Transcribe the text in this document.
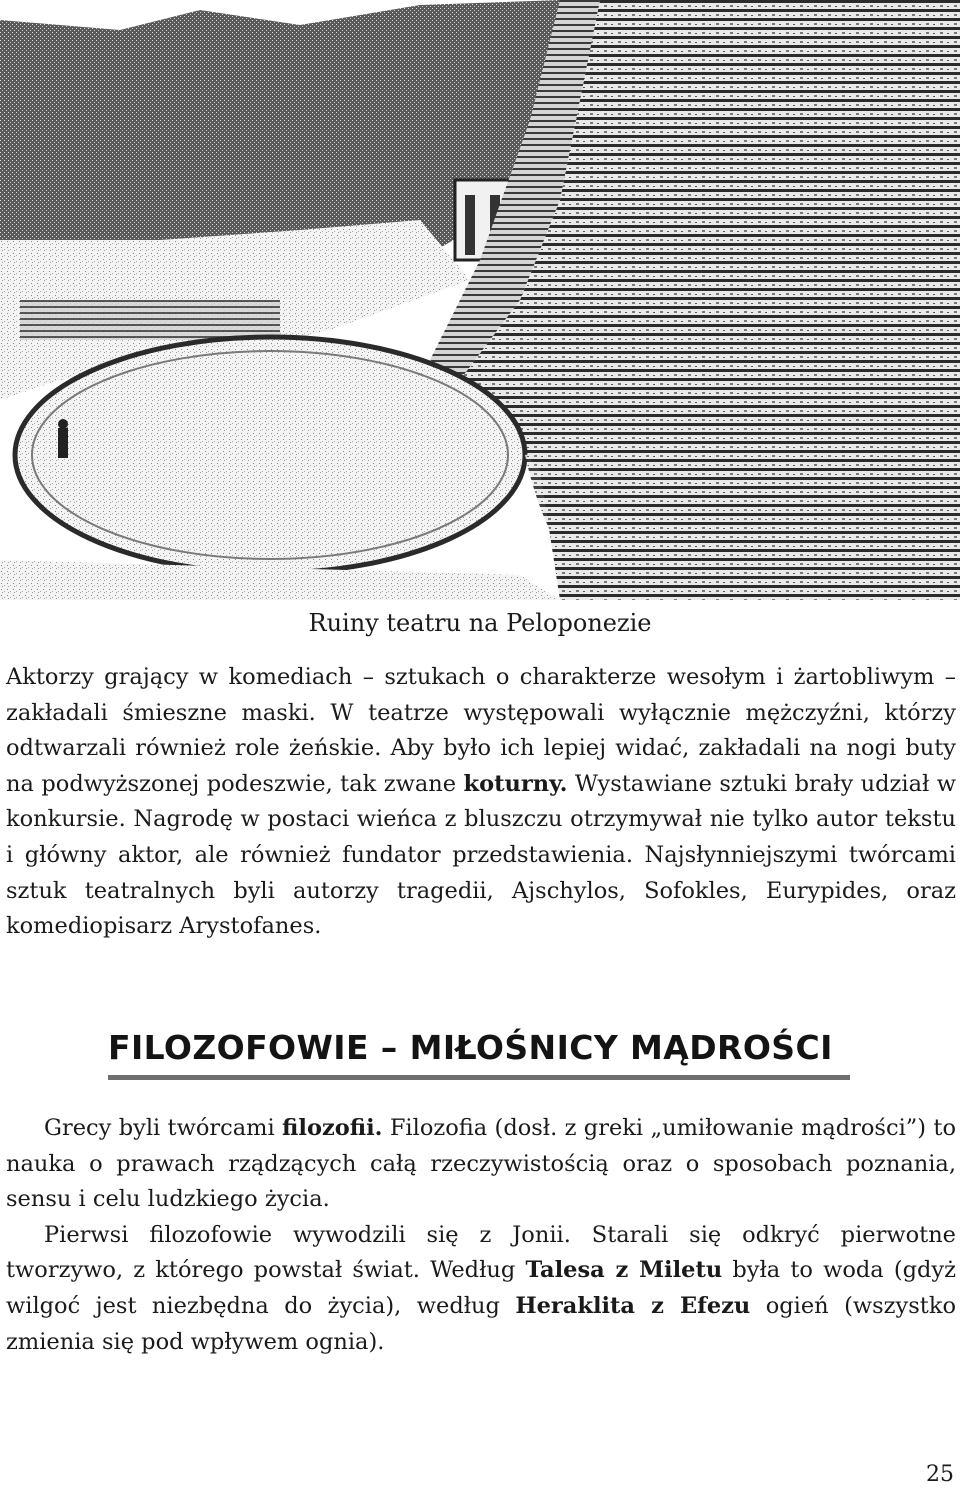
Ruiny teatru na Peloponezie

Aktorzy grający w komediach – sztukach o charakterze wesołym i żartobliwym – zakładali śmieszne maski. W teatrze występowali wyłącznie mężczyźni, którzy odtwarzali również role żeńskie. Aby było ich lepiej widać, zakładali na nogi buty na podwyższonej podeszwie, tak zwane koturny. Wystawiane sztuki brały udział w konkursie. Nagrodę w postaci wieńca z bluszczu otrzymywał nie tylko autor tekstu i główny aktor, ale również fundator przedstawienia. Najsłynniejszymi twórcami sztuk teatralnych byli autorzy tragedii, Ajschylos, Sofokles, Eurypides, oraz komediopisarz Arystofanes.

FILOZOFOWIE – MIŁOŚNICY MĄDROŚCI

Grecy byli twórcami filozofii. Filozofia (dosł. z greki „umiłowanie mądrości”) to nauka o prawach rządzących całą rzeczywistością oraz o sposobach poznania, sensu i celu ludzkiego życia.

Pierwsi filozofowie wywodzili się z Jonii. Starali się odkryć pierwotne tworzywo, z którego powstał świat. Według Talesa z Miletu była to woda (gdyż wilgoć jest niezbędna do życia), według Heraklita z Efezu ogień (wszystko zmienia się pod wpływem ognia).

25
